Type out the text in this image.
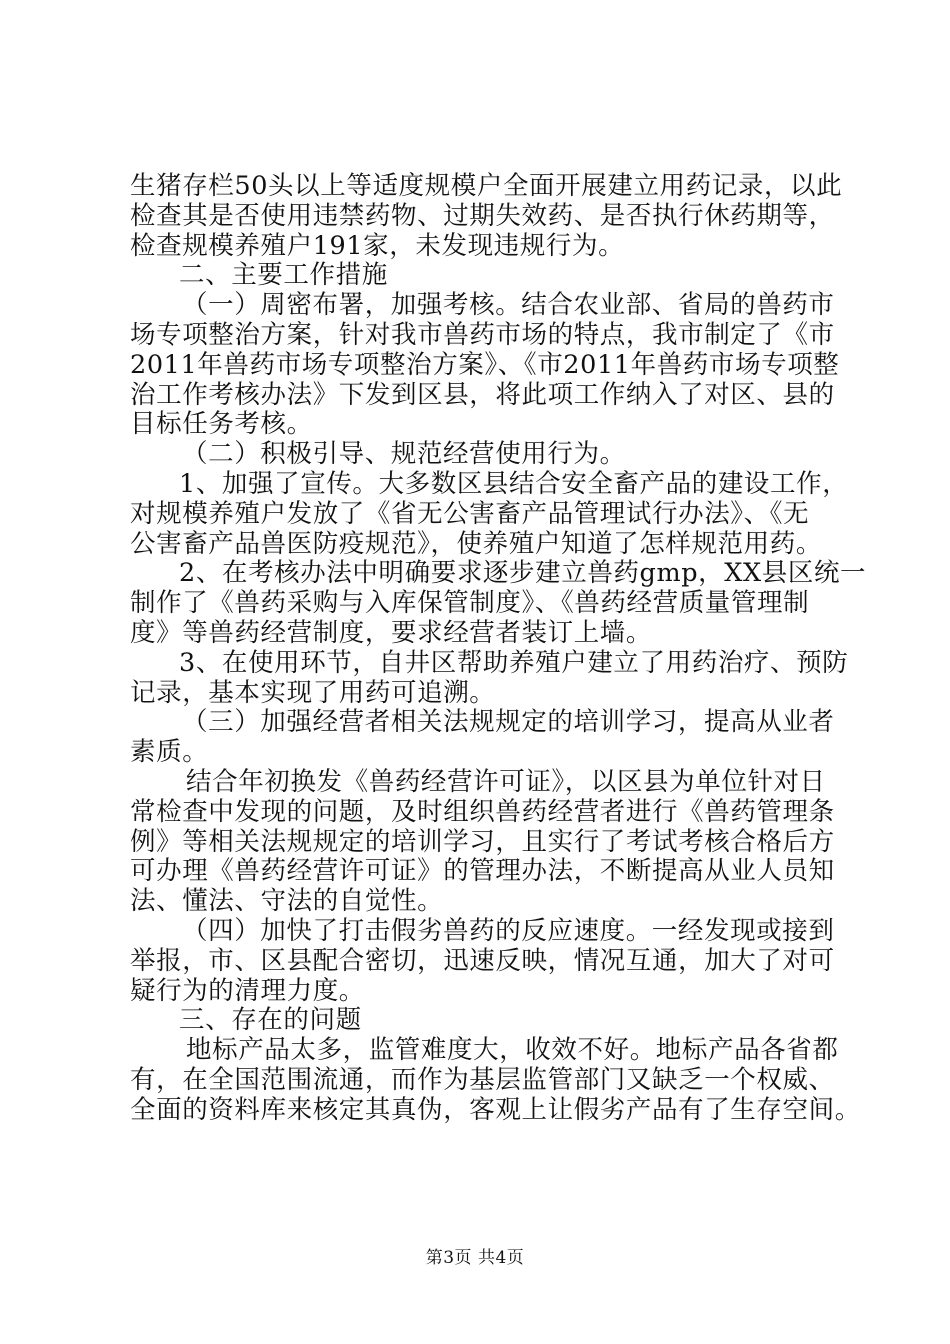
生猪存栏50头以上等适度规模户全面开展建立用药记录，以此
检查其是否使用违禁药物、过期失效药、是否执行休药期等，
检查规模养殖户191家，未发现违规行为。
二、主要工作措施
（一）周密布署，加强考核。结合农业部、省局的兽药市
场专项整治方案，针对我市兽药市场的特点，我市制定了《市
2011年兽药市场专项整治方案》、《市2011年兽药市场专项整
治工作考核办法》下发到区县，将此项工作纳入了对区、县的
目标任务考核。
（二）积极引导、规范经营使用行为。
1、加强了宣传。大多数区县结合安全畜产品的建设工作，
对规模养殖户发放了《省无公害畜产品管理试行办法》、《无
公害畜产品兽医防疫规范》，使养殖户知道了怎样规范用药。
2、在考核办法中明确要求逐步建立兽药gmp，XX县区统一
制作了《兽药采购与入库保管制度》、《兽药经营质量管理制
度》等兽药经营制度，要求经营者装订上墙。
3、在使用环节，自井区帮助养殖户建立了用药治疗、预防
记录，基本实现了用药可追溯。
（三）加强经营者相关法规规定的培训学习，提高从业者
素质。
结合年初换发《兽药经营许可证》，以区县为单位针对日
常检查中发现的问题，及时组织兽药经营者进行《兽药管理条
例》等相关法规规定的培训学习，且实行了考试考核合格后方
可办理《兽药经营许可证》的管理办法，不断提高从业人员知
法、懂法、守法的自觉性。
（四）加快了打击假劣兽药的反应速度。一经发现或接到
举报，市、区县配合密切，迅速反映，情况互通，加大了对可
疑行为的清理力度。
三、存在的问题
地标产品太多，监管难度大，收效不好。地标产品各省都
有，在全国范围流通，而作为基层监管部门又缺乏一个权威、
全面的资料库来核定其真伪，客观上让假劣产品有了生存空间。
第3页 共4页
